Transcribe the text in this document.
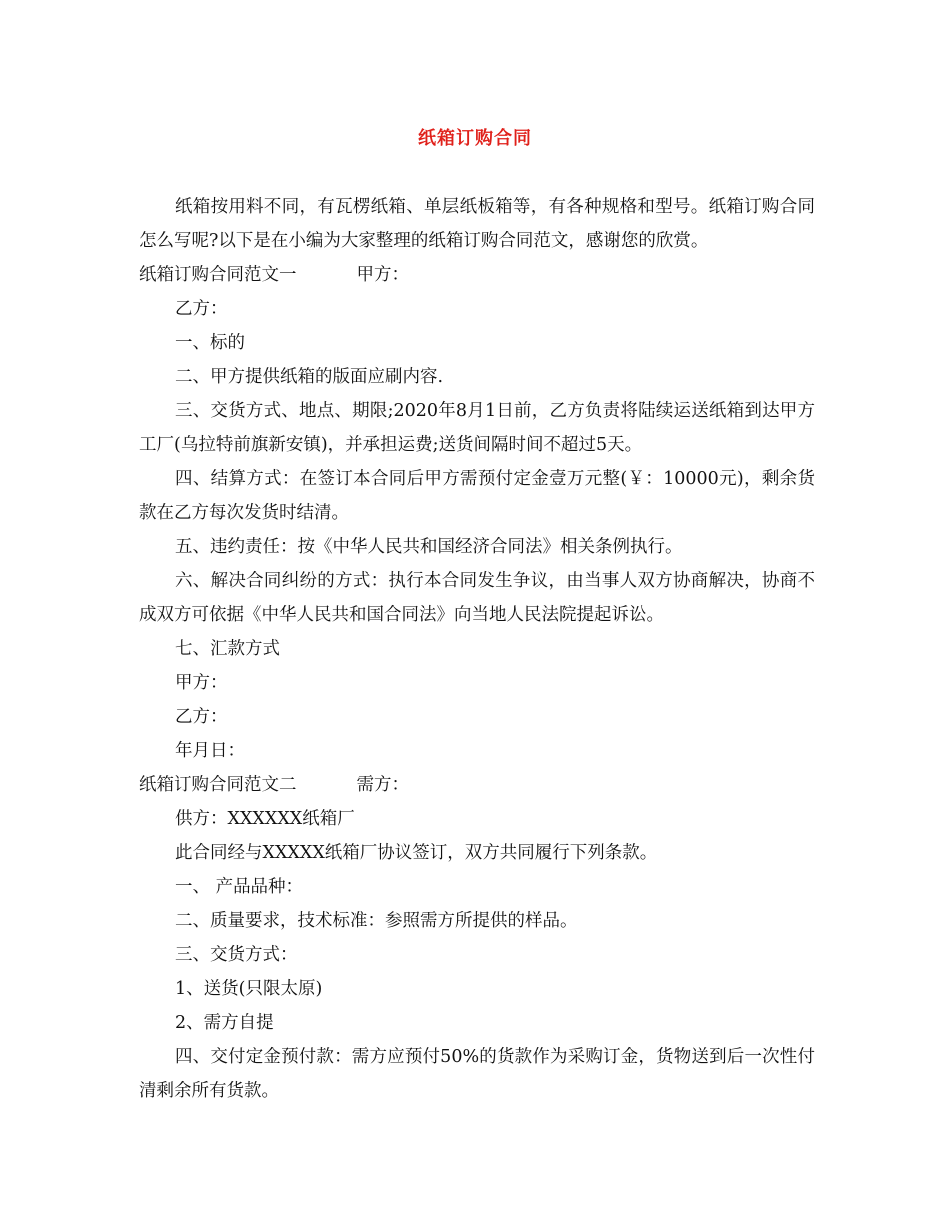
纸箱订购合同

纸箱按用料不同，有瓦楞纸箱、单层纸板箱等，有各种规格和型号。纸箱订购合同怎么写呢?以下是在小编为大家整理的纸箱订购合同范文，感谢您的欣赏。

纸箱订购合同范文一	甲方：

乙方：

一、标的

二、甲方提供纸箱的版面应刷内容.

三、交货方式、地点、期限;2020年8月1日前，乙方负责将陆续运送纸箱到达甲方工厂(乌拉特前旗新安镇)，并承担运费;送货间隔时间不超过5天。

四、结算方式：在签订本合同后甲方需预付定金壹万元整(￥：10000元)，剩余货款在乙方每次发货时结清。

五、违约责任：按《中华人民共和国经济合同法》相关条例执行。

六、解决合同纠纷的方式：执行本合同发生争议，由当事人双方协商解决，协商不成双方可依据《中华人民共和国合同法》向当地人民法院提起诉讼。

七、汇款方式

甲方：

乙方：

年月日：

纸箱订购合同范文二	需方：

供方：XXXXXX纸箱厂

此合同经与XXXXX纸箱厂协议签订，双方共同履行下列条款。

一、 产品品种：

二、质量要求，技术标准：参照需方所提供的样品。

三、交货方式：

1、送货(只限太原)

2、需方自提

四、交付定金预付款：需方应预付50%的货款作为采购订金，货物送到后一次性付清剩余所有货款。
